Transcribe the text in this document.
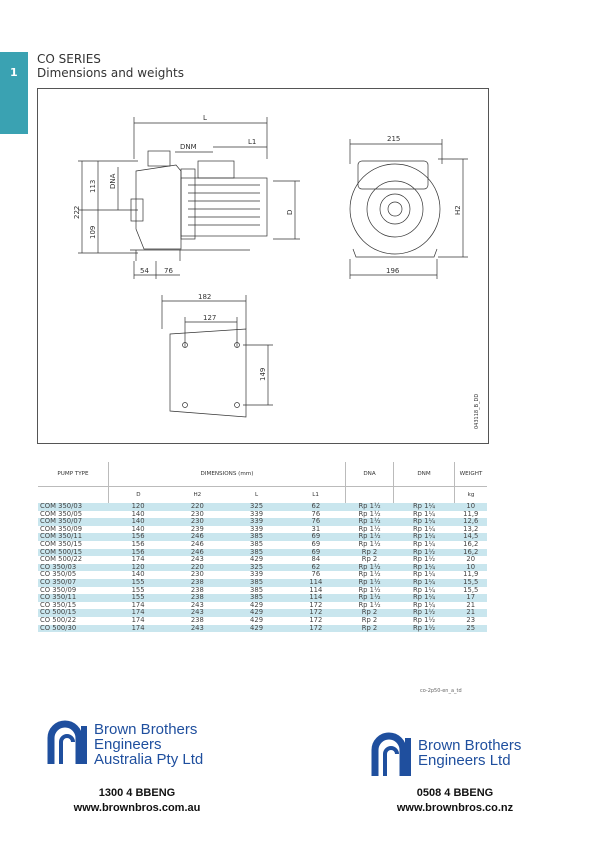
1
CO SERIES
Dimensions and weights
L
DNM
L1
222
113
109
DNA
D
54 76
215
H2
196
182
127
149
043118_B_DD
PUMP TYPE	DIMENSIONS (mm)				DNA	DNM	WEIGHT
	D	H2	L	L1			kg
COM 350/03	120	220	325	62	Rp 1½	Rp 1¼	10
COM 350/05	140	230	339	76	Rp 1½	Rp 1¼	11,9
COM 350/07	140	230	339	76	Rp 1½	Rp 1¼	12,6
COM 350/09	140	239	339	31	Rp 1½	Rp 1¼	13,2
COM 350/11	156	246	385	69	Rp 1½	Rp 1¼	14,5
COM 350/15	156	246	385	69	Rp 1½	Rp 1¼	16,2
COM 500/15	156	246	385	69	Rp 2	Rp 1½	16,2
COM 500/22	174	243	429	84	Rp 2	Rp 1½	20
CO 350/03	120	220	325	62	Rp 1½	Rp 1¼	10
CO 350/05	140	230	339	76	Rp 1½	Rp 1¼	11,9
CO 350/07	155	238	385	114	Rp 1½	Rp 1¼	15,5
CO 350/09	155	238	385	114	Rp 1½	Rp 1¼	15,5
CO 350/11	155	238	385	114	Rp 1½	Rp 1¼	17
CO 350/15	174	243	429	172	Rp 1½	Rp 1¼	21
CO 500/15	174	243	429	172	Rp 2	Rp 1½	21
CO 500/22	174	238	429	172	Rp 2	Rp 1½	23
CO 500/30	174	243	429	172	Rp 2	Rp 1½	25
co-2p50-en_a_td
Brown Brothers
Engineers
Australia Pty Ltd
1300 4 BBENG
www.brownbros.com.au
Brown Brothers
Engineers Ltd
0508 4 BBENG
www.brownbros.co.nz
